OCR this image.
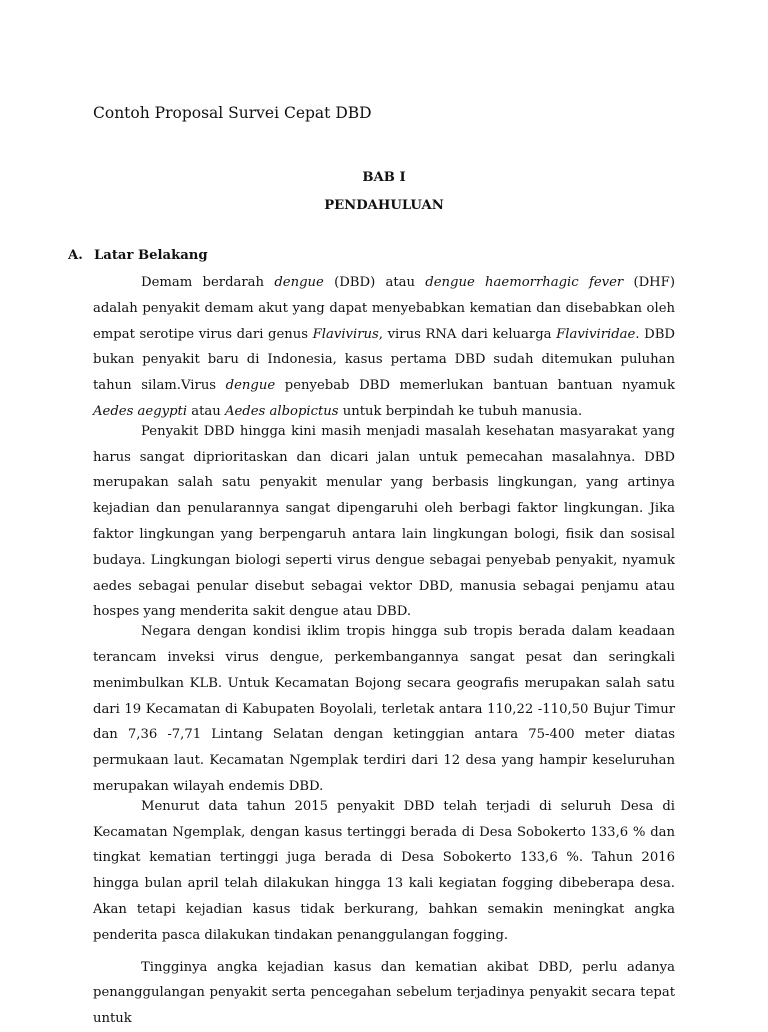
Contoh Proposal Survei Cepat DBD
BAB I
PENDAHULUAN
A. Latar Belakang

Demam berdarah dengue (DBD) atau dengue haemorrhagic fever (DHF) adalah penyakit demam akut yang dapat menyebabkan kematian dan disebabkan oleh empat serotipe virus dari genus Flavivirus, virus RNA dari keluarga Flaviviridae. DBD bukan penyakit baru di Indonesia, kasus pertama DBD sudah ditemukan puluhan tahun silam.Virus dengue penyebab DBD memerlukan bantuan bantuan nyamuk Aedes aegypti atau Aedes albopictus untuk berpindah ke tubuh manusia.

Penyakit DBD hingga kini masih menjadi masalah kesehatan masyarakat yang harus sangat diprioritaskan dan dicari jalan untuk pemecahan masalahnya. DBD merupakan salah satu penyakit menular yang berbasis lingkungan, yang artinya kejadian dan penularannya sangat dipengaruhi oleh berbagi faktor lingkungan. Jika faktor lingkungan yang berpengaruh antara lain lingkungan bologi, fisik dan sosisal budaya. Lingkungan biologi seperti virus dengue sebagai penyebab penyakit, nyamuk aedes sebagai penular disebut sebagai vektor DBD, manusia sebagai penjamu atau hospes yang menderita sakit dengue atau DBD.

Negara dengan kondisi iklim tropis hingga sub tropis berada dalam keadaan terancam inveksi virus dengue, perkembangannya sangat pesat dan seringkali menimbulkan KLB. Untuk Kecamatan Bojong secara geografis merupakan salah satu dari 19 Kecamatan di Kabupaten Boyolali, terletak antara 110,22 -110,50 Bujur Timur dan 7,36 -7,71 Lintang Selatan dengan ketinggian antara 75-400 meter diatas permukaan laut. Kecamatan Ngemplak terdiri dari 12 desa yang hampir keseluruhan merupakan wilayah endemis DBD.

Menurut data tahun 2015 penyakit DBD telah terjadi di seluruh Desa di Kecamatan Ngemplak, dengan kasus tertinggi berada di Desa Sobokerto 133,6 % dan tingkat kematian tertinggi juga berada di Desa Sobokerto 133,6 %. Tahun 2016 hingga bulan april telah dilakukan hingga 13 kali kegiatan fogging dibeberapa desa. Akan tetapi kejadian kasus tidak berkurang, bahkan semakin meningkat angka penderita pasca dilakukan tindakan penanggulangan fogging.

Tingginya angka kejadian kasus dan kematian akibat DBD, perlu adanya penanggulangan penyakit serta pencegahan sebelum terjadinya penyakit secara tepat untuk
